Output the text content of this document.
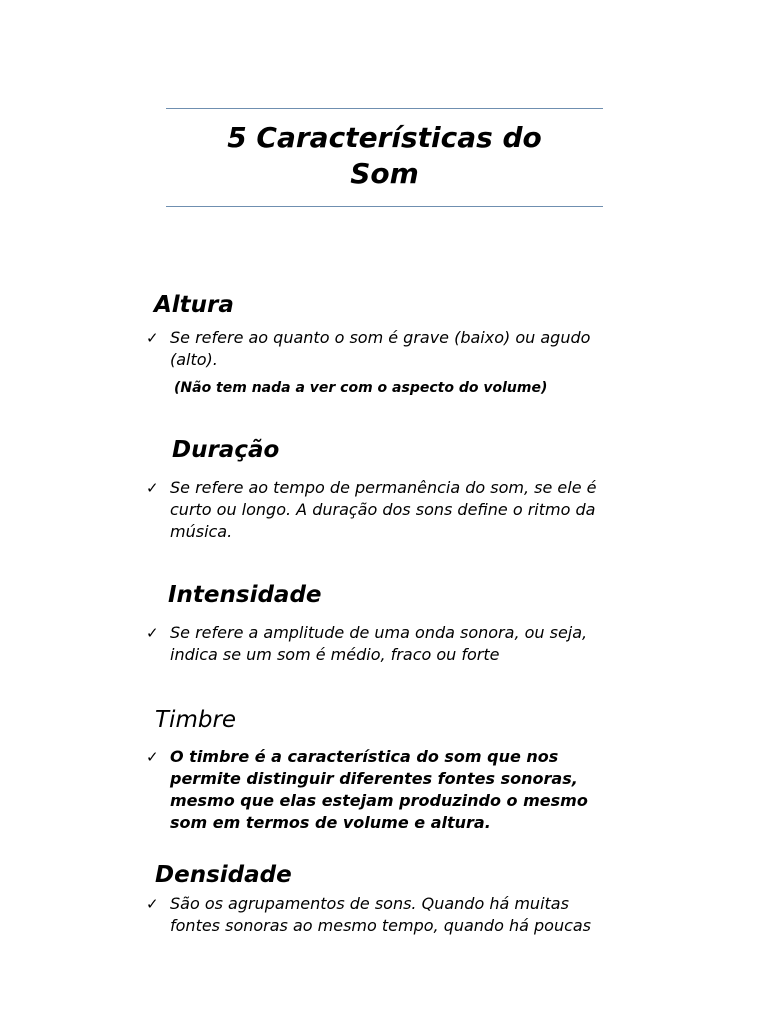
5 Características do
Som
Altura
✓ Se refere ao quanto o som é grave (baixo) ou agudo
(alto).
(Não tem nada a ver com o aspecto do volume)
Duração
✓ Se refere ao tempo de permanência do som, se ele é
curto ou longo. A duração dos sons define o ritmo da
música.
Intensidade
✓ Se refere a amplitude de uma onda sonora, ou seja,
indica se um som é médio, fraco ou forte
Timbre
✓ O timbre é a característica do som que nos
permite distinguir diferentes fontes sonoras,
mesmo que elas estejam produzindo o mesmo
som em termos de volume e altura.
Densidade
✓ São os agrupamentos de sons. Quando há muitas
fontes sonoras ao mesmo tempo, quando há poucas
